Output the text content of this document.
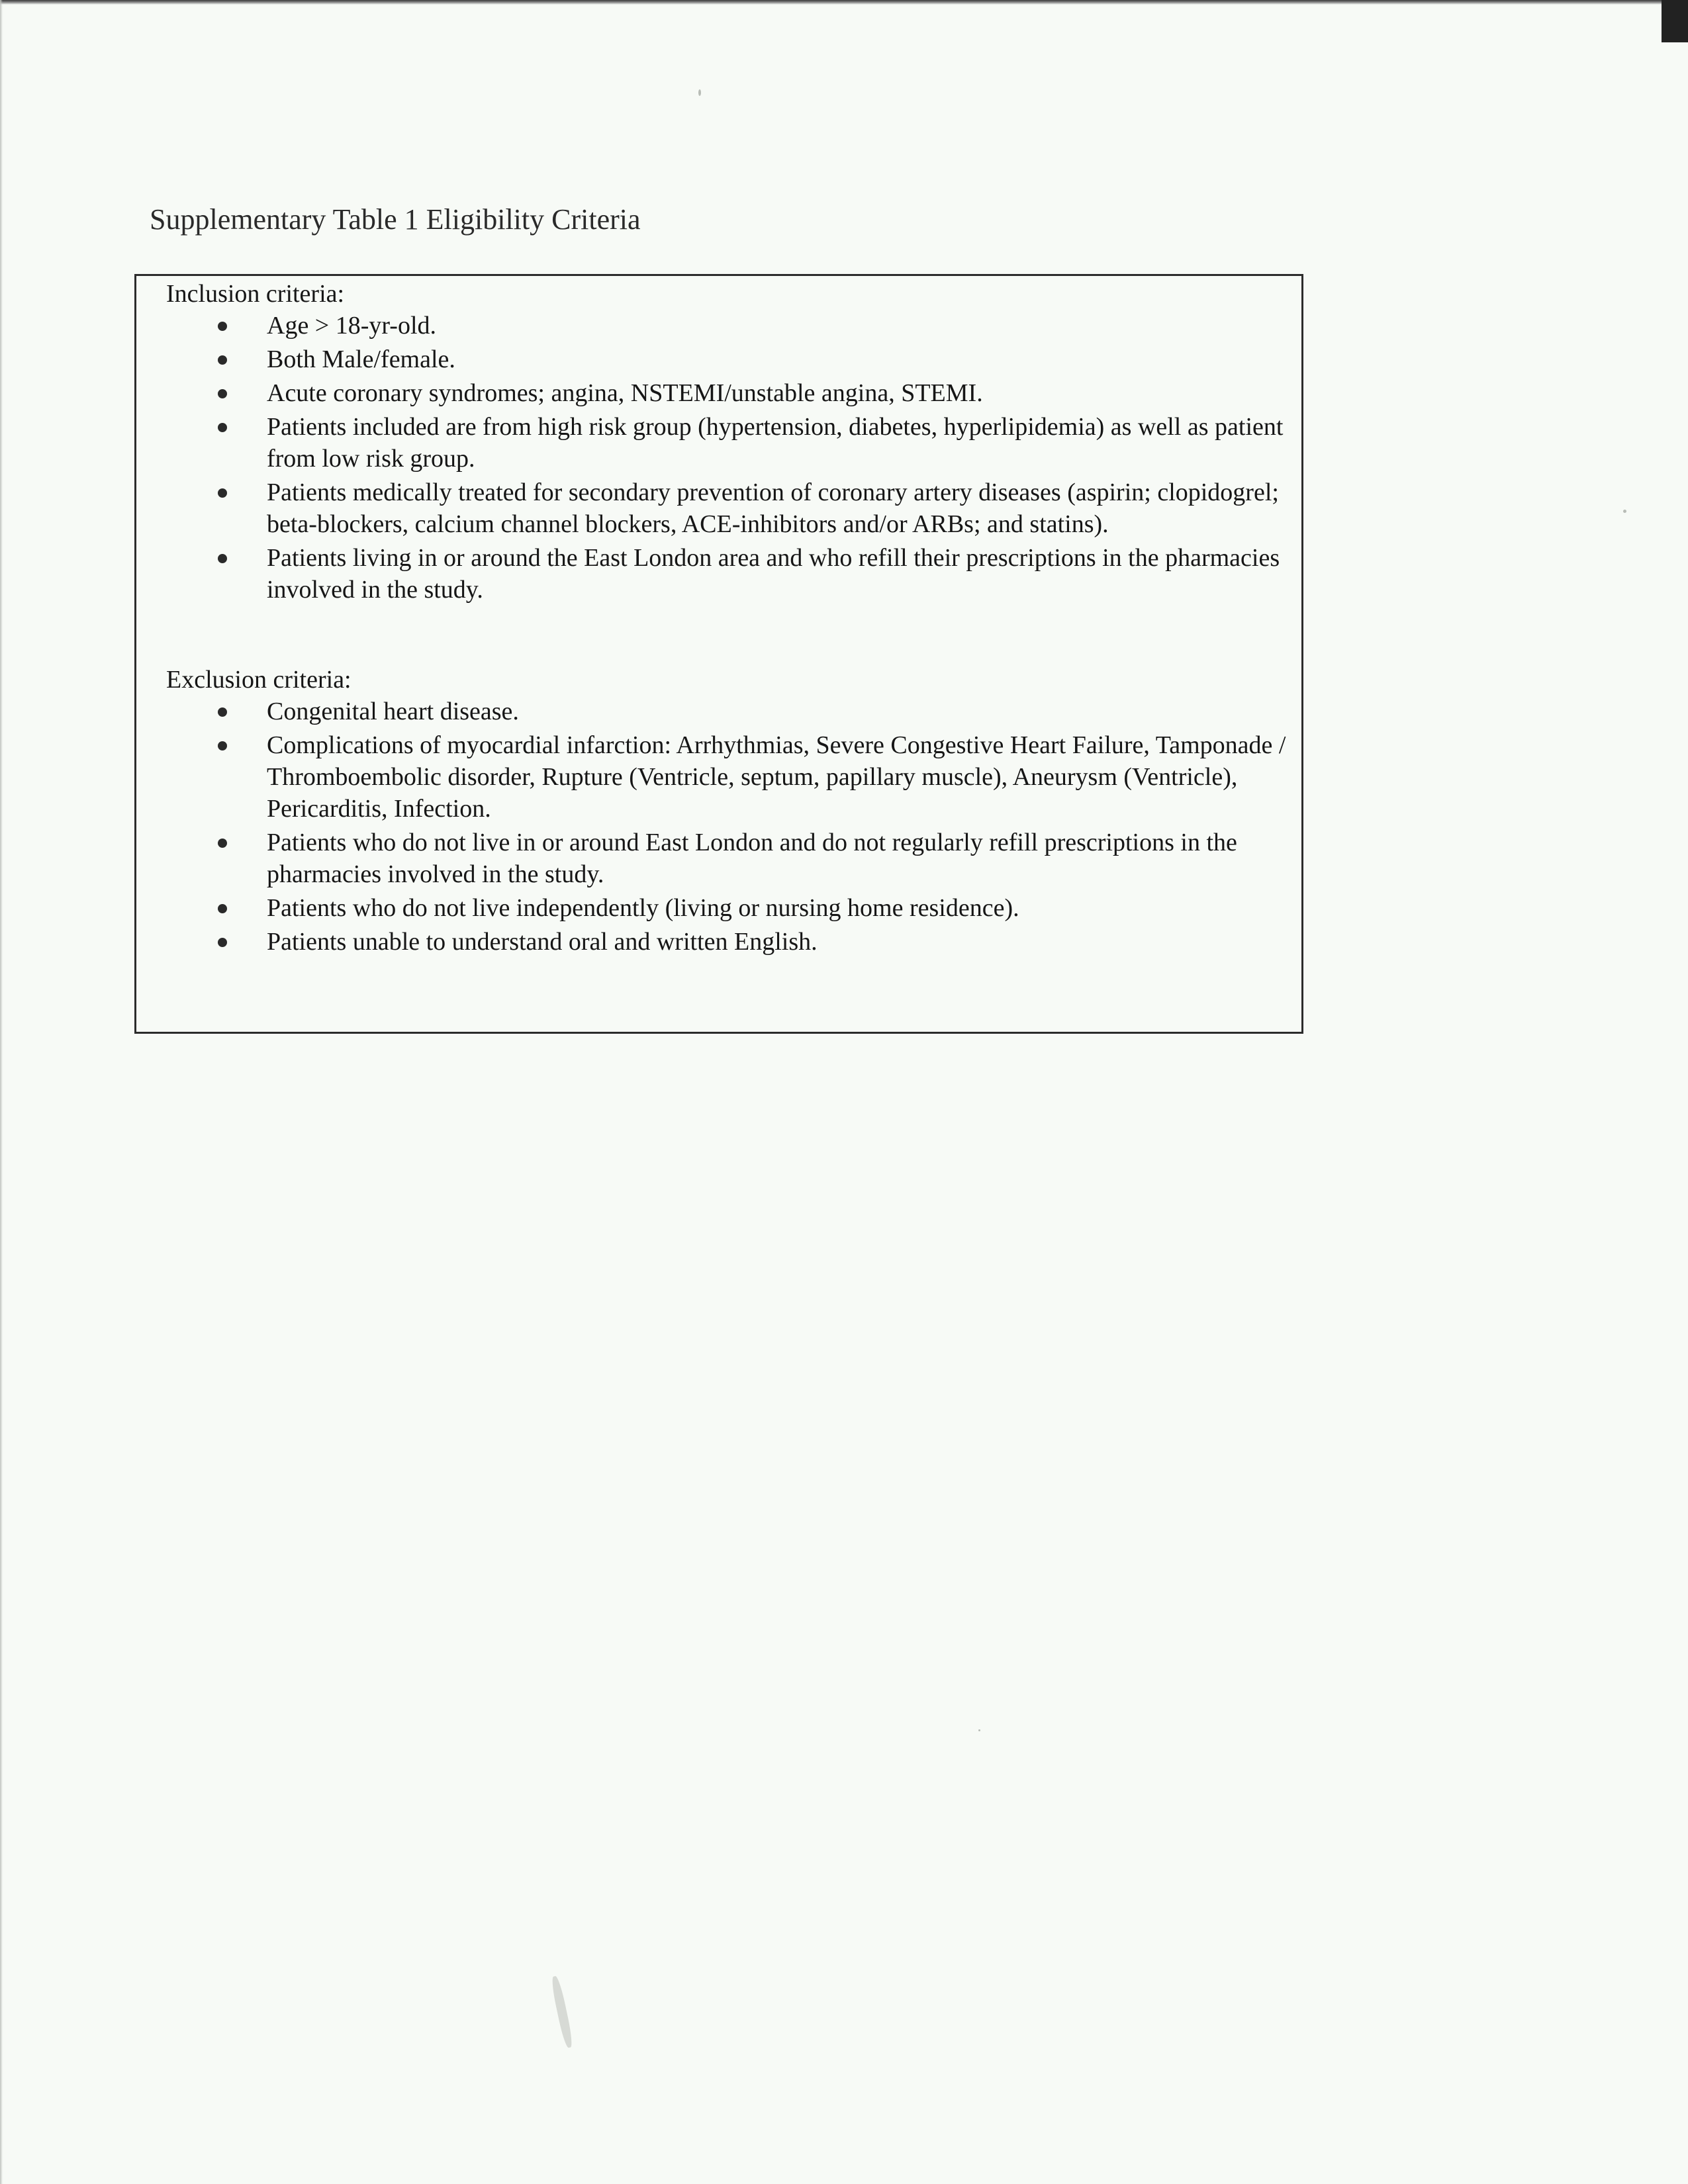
Supplementary Table 1 Eligibility Criteria
Inclusion criteria:
Age > 18-yr-old.
Both Male/female.
Acute coronary syndromes; angina, NSTEMI/unstable angina, STEMI.
Patients included are from high risk group (hypertension, diabetes, hyperlipidemia) as well as patient from low risk group.
Patients medically treated for secondary prevention of coronary artery diseases (aspirin; clopidogrel; beta-blockers, calcium channel blockers, ACE-inhibitors and/or ARBs; and statins).
Patients living in or around the East London area and who refill their prescriptions in the pharmacies involved in the study.
Exclusion criteria:
Congenital heart disease.
Complications of myocardial infarction: Arrhythmias, Severe Congestive Heart Failure, Tamponade / Thromboembolic disorder, Rupture (Ventricle, septum, papillary muscle), Aneurysm (Ventricle), Pericarditis, Infection.
Patients who do not live in or around East London and do not regularly refill prescriptions in the pharmacies involved in the study.
Patients who do not live independently (living or nursing home residence).
Patients unable to understand oral and written English.
